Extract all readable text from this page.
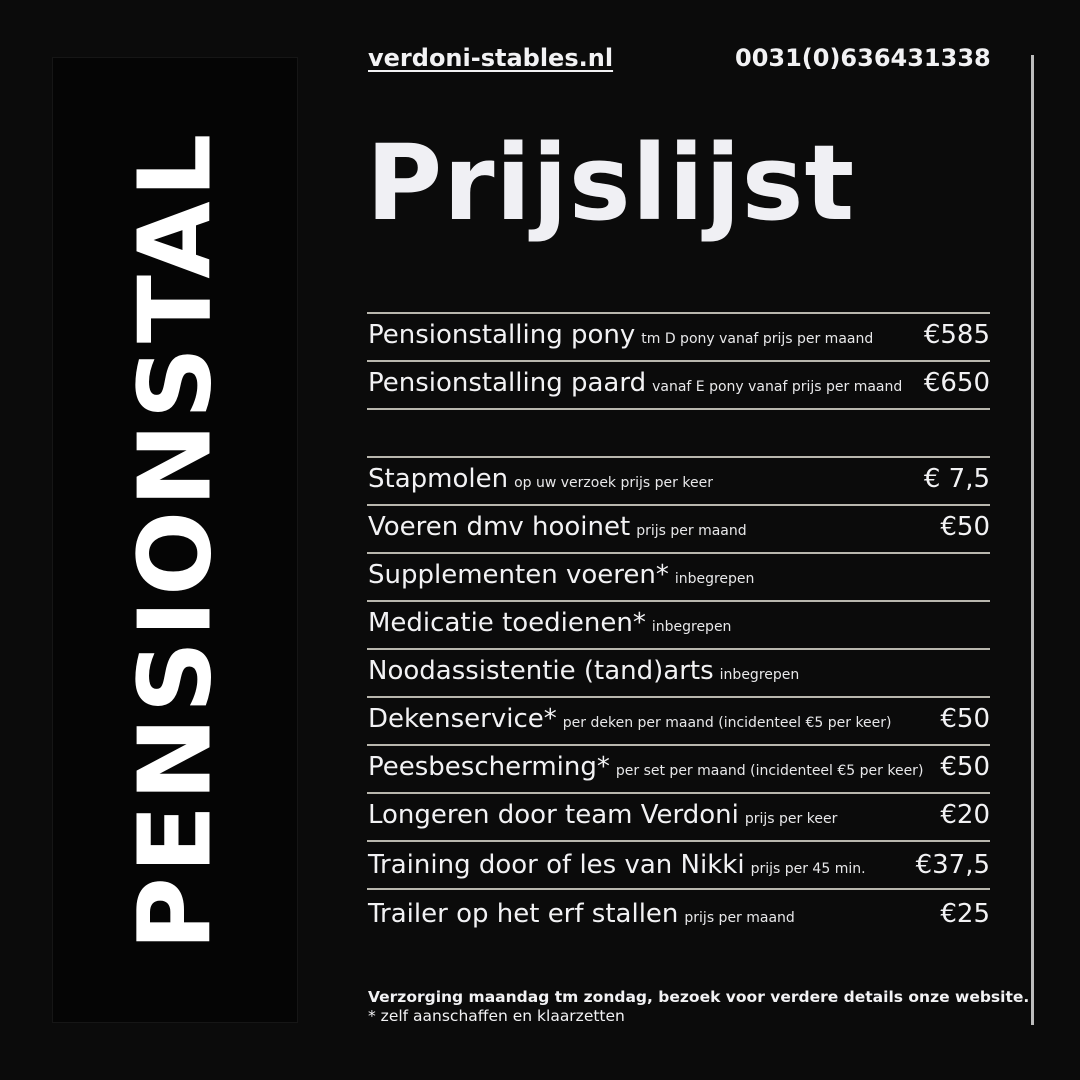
PENSIONSTAL
verdoni-stables.nl	0031(0)636431338
Prijslijst
Pensionstalling pony tm D pony vanaf prijs per maand €585
Pensionstalling paard vanaf E pony vanaf prijs per maand €650
Stapmolen op uw verzoek prijs per keer	€ 7,5
Voeren dmv hooinet prijs per maand	€50
Supplementen voeren* inbegrepen
Medicatie toedienen* inbegrepen
Noodassistentie (tand)arts inbegrepen
Dekenservice* per deken per maand (incidenteel €5 per keer) €50
Peesbescherming* per set per maand (incidenteel €5 per keer) €50
Longeren door team Verdoni prijs per keer	€20
Training door of les van Nikki prijs per 45 min. €37,5
Trailer op het erf stallen prijs per maand	€25
Verzorging maandag tm zondag, bezoek voor verdere details onze website.
* zelf aanschaffen en klaarzetten
